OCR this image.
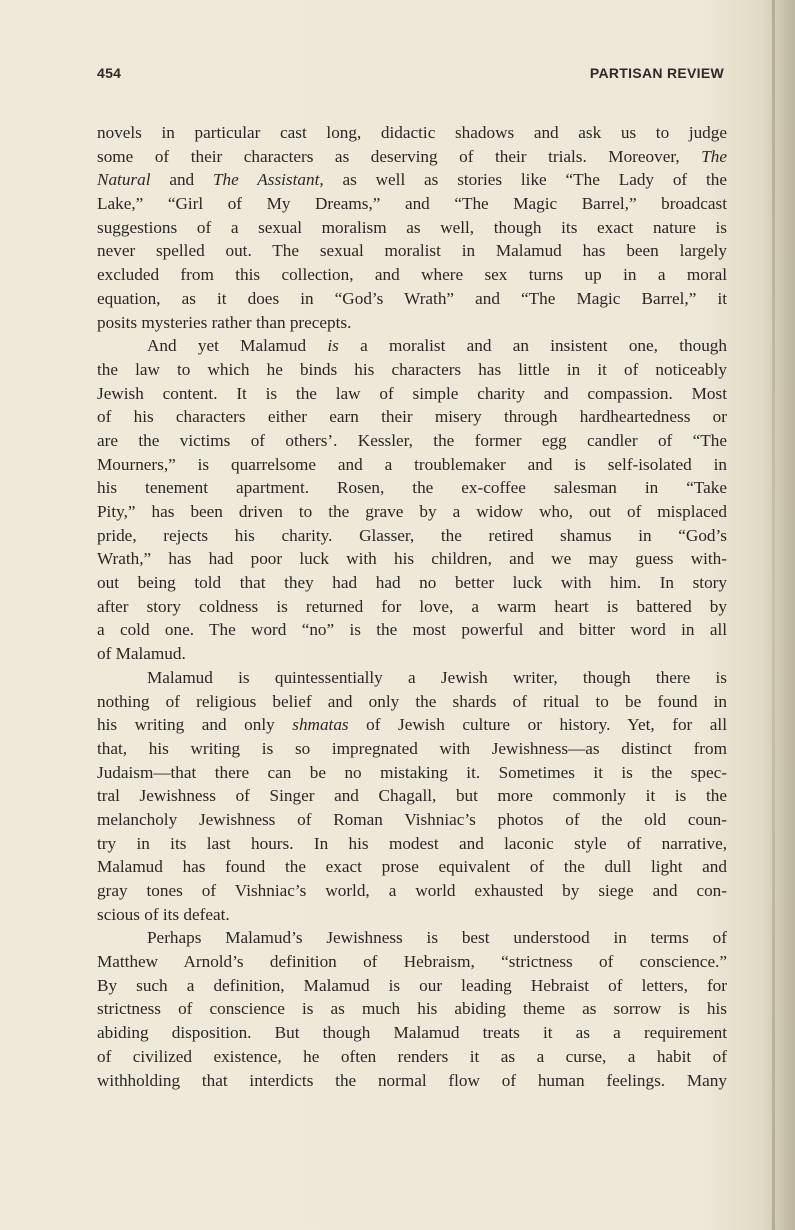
454	PARTISAN REVIEW
novels in particular cast long, didactic shadows and ask us to judge
some of their characters as deserving of their trials. Moreover, The
Natural and The Assistant, as well as stories like “The Lady of the
Lake,” “Girl of My Dreams,” and “The Magic Barrel,” broadcast
suggestions of a sexual moralism as well, though its exact nature is
never spelled out. The sexual moralist in Malamud has been largely
excluded from this collection, and where sex turns up in a moral
equation, as it does in “God’s Wrath” and “The Magic Barrel,” it
posits mysteries rather than precepts.
And yet Malamud is a moralist and an insistent one, though
the law to which he binds his characters has little in it of noticeably
Jewish content. It is the law of simple charity and compassion. Most
of his characters either earn their misery through hardheartedness or
are the victims of others’. Kessler, the former egg candler of “The
Mourners,” is quarrelsome and a troublemaker and is self-isolated in
his tenement apartment. Rosen, the ex-coffee salesman in “Take
Pity,” has been driven to the grave by a widow who, out of misplaced
pride, rejects his charity. Glasser, the retired shamus in “God’s
Wrath,” has had poor luck with his children, and we may guess with-
out being told that they had had no better luck with him. In story
after story coldness is returned for love, a warm heart is battered by
a cold one. The word “no” is the most powerful and bitter word in all
of Malamud.
Malamud is quintessentially a Jewish writer, though there is
nothing of religious belief and only the shards of ritual to be found in
his writing and only shmatas of Jewish culture or history. Yet, for all
that, his writing is so impregnated with Jewishness—as distinct from
Judaism—that there can be no mistaking it. Sometimes it is the spec-
tral Jewishness of Singer and Chagall, but more commonly it is the
melancholy Jewishness of Roman Vishniac’s photos of the old coun-
try in its last hours. In his modest and laconic style of narrative,
Malamud has found the exact prose equivalent of the dull light and
gray tones of Vishniac’s world, a world exhausted by siege and con-
scious of its defeat.
Perhaps Malamud’s Jewishness is best understood in terms of
Matthew Arnold’s definition of Hebraism, “strictness of conscience.”
By such a definition, Malamud is our leading Hebraist of letters, for
strictness of conscience is as much his abiding theme as sorrow is his
abiding disposition. But though Malamud treats it as a requirement
of civilized existence, he often renders it as a curse, a habit of
withholding that interdicts the normal flow of human feelings. Many
